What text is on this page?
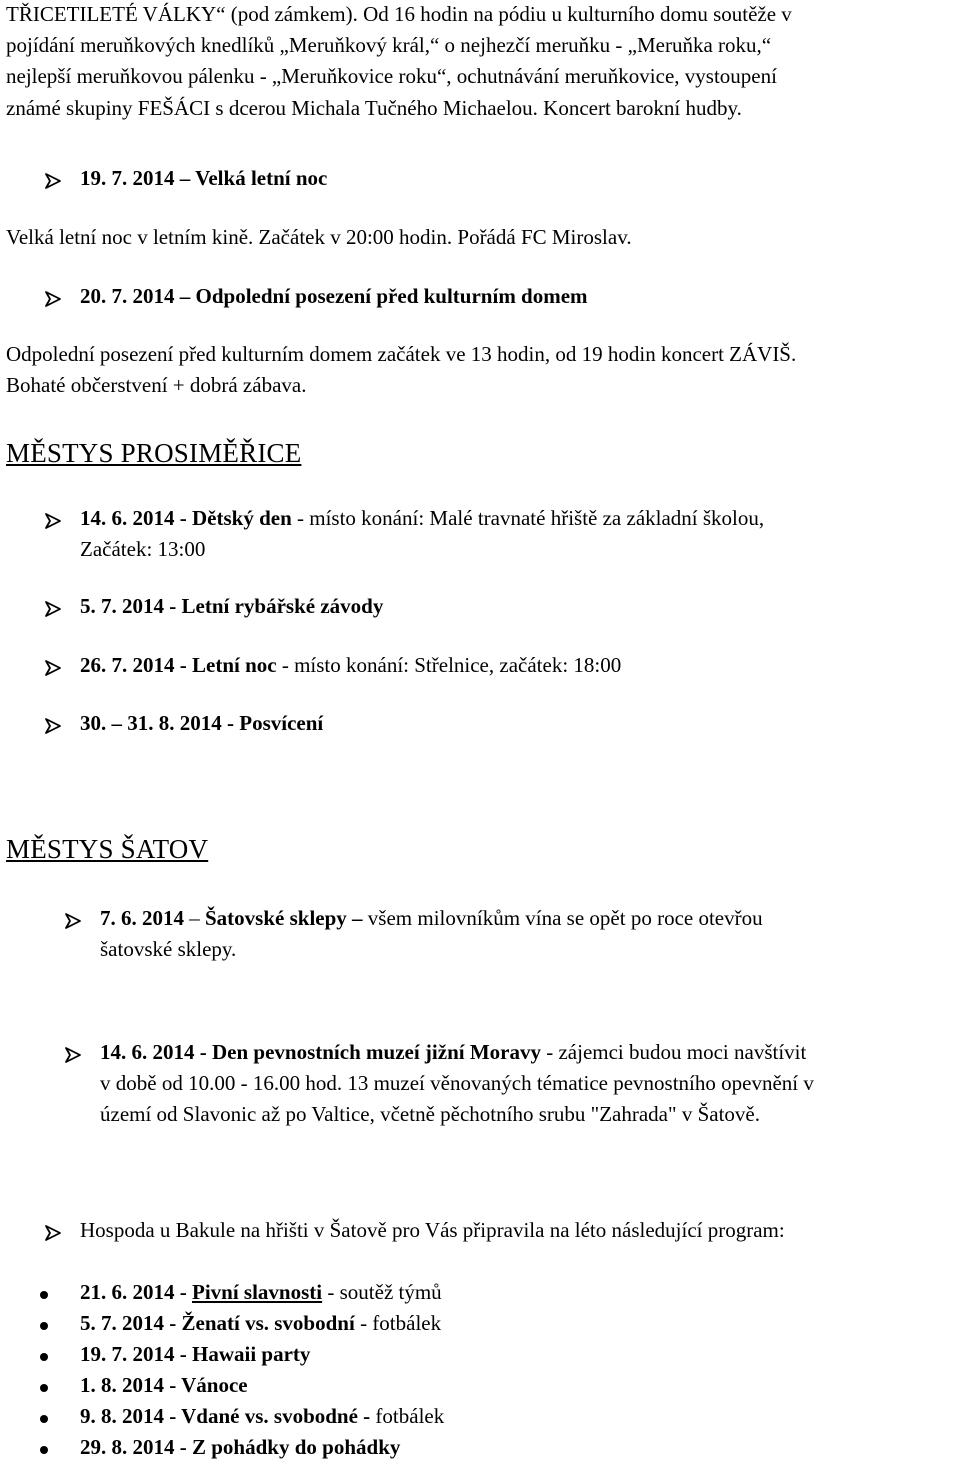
TŘICETILETÉ VÁLKY“ (pod zámkem). Od 16 hodin na pódiu u kulturního domu soutěže v
pojídání meruňkových knedlíků „Meruňkový král,“ o nejhezčí meruňku - „Meruňka roku,“
nejlepší meruňkovou pálenku - „Meruňkovice roku“, ochutnávání meruňkovice, vystoupení
známé skupiny FEŠÁCI s dcerou Michala Tučného Michaelou. Koncert barokní hudby.
19. 7. 2014 – Velká letní noc
Velká letní noc v letním kině. Začátek v 20:00 hodin. Pořádá FC Miroslav.
20. 7. 2014 – Odpolední posezení před kulturním domem
Odpolední posezení před kulturním domem začátek ve 13 hodin, od 19 hodin koncert ZÁVIŠ.
Bohaté občerstvení + dobrá zábava.
MĚSTYS PROSIMĚŘICE
14. 6. 2014 - Dětský den - místo konání: Malé travnaté hřiště za základní školou,
Začátek: 13:00
5. 7. 2014 - Letní rybářské závody
26. 7. 2014 - Letní noc - místo konání: Střelnice, začátek: 18:00
30. – 31. 8. 2014 - Posvícení
MĚSTYS ŠATOV
7. 6. 2014 – Šatovské sklepy – všem milovníkům vína se opět po roce otevřou
šatovské sklepy.
14. 6. 2014 - Den pevnostních muzeí jižní Moravy - zájemci budou moci navštívit
v době od 10.00 - 16.00 hod. 13 muzeí věnovaných tématice pevnostního opevnění v
území od Slavonic až po Valtice, včetně pěchotního srubu "Zahrada" v Šatově.
Hospoda u Bakule na hřišti v Šatově pro Vás připravila na léto následující program:
21. 6. 2014 - Pivní slavnosti - soutěž týmů
5. 7. 2014 - Ženatí vs. svobodní - fotbálek
19. 7. 2014 - Hawaii party
1. 8. 2014 - Vánoce
9. 8. 2014 - Vdané vs. svobodné - fotbálek
29. 8. 2014 - Z pohádky do pohádky
